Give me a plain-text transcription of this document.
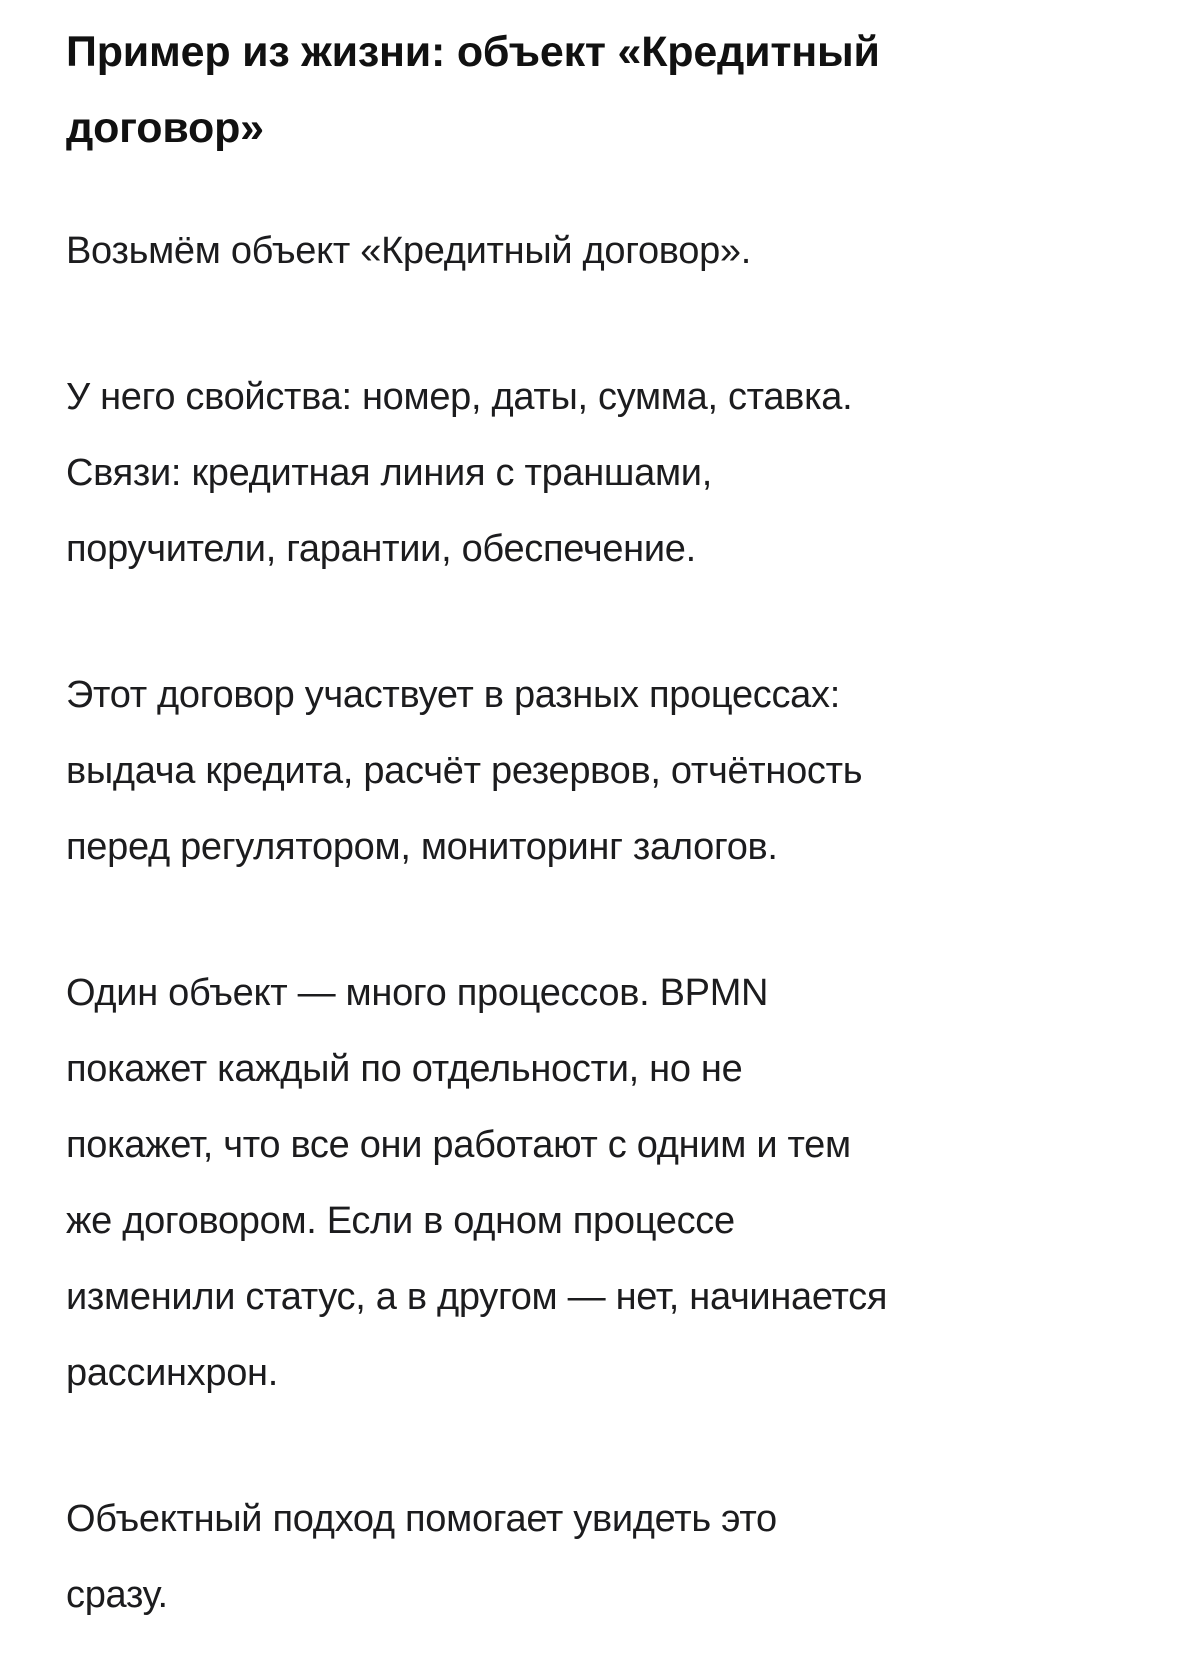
Пример из жизни: объект «Кредитный
договор»

Возьмём объект «Кредитный договор».

У него свойства: номер, даты, сумма, ставка.
Связи: кредитная линия с траншами,
поручители, гарантии, обеспечение.

Этот договор участвует в разных процессах:
выдача кредита, расчёт резервов, отчётность
перед регулятором, мониторинг залогов.

Один объект — много процессов. BPMN
покажет каждый по отдельности, но не
покажет, что все они работают с одним и тем
же договором. Если в одном процессе
изменили статус, а в другом — нет, начинается
рассинхрон.

Объектный подход помогает увидеть это
сразу.
